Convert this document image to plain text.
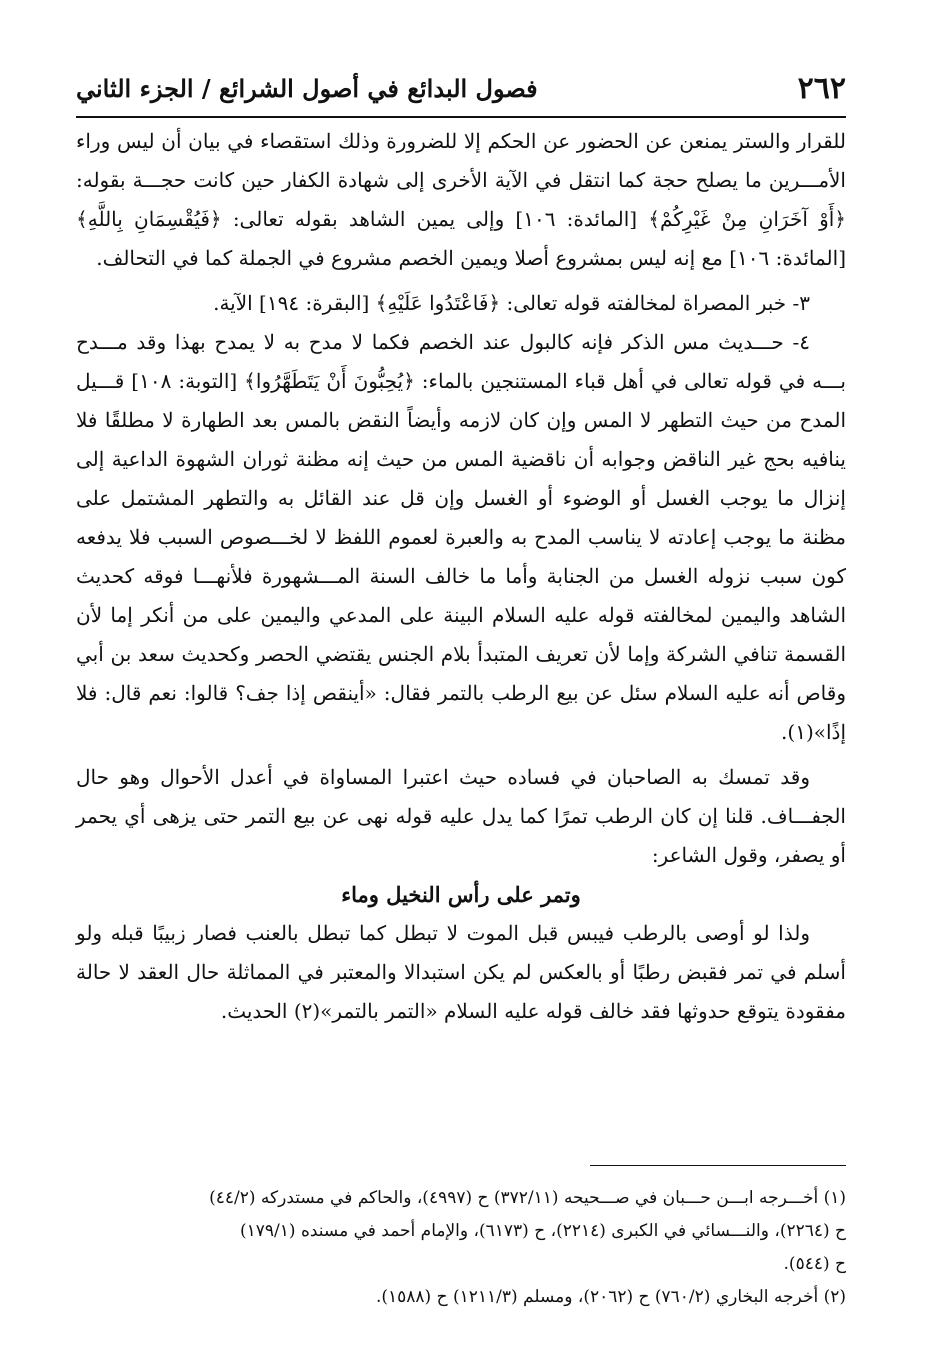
٢٦٢
فصول البدائع في أصول الشرائع / الجزء الثاني

للقرار والستر يمنعن عن الحضور عن الحكم إلا للضرورة وذلك استقصاء في بيان أن ليس وراء الأمـــرين ما يصلح حجة كما انتقل في الآية الأخرى إلى شهادة الكفار حين كانت حجـــة بقوله: ﴿أَوْ آخَرَانِ مِنْ غَيْرِكُمْ﴾ [المائدة: ١٠٦] وإلى يمين الشاهد بقوله تعالى: ﴿فَيُقْسِمَانِ بِاللَّهِ﴾ [المائدة: ١٠٦] مع إنه ليس بمشروع أصلا ويمين الخصم مشروع في الجملة كما في التحالف.

٣- خبر المصراة لمخالفته قوله تعالى: ﴿فَاعْتَدُوا عَلَيْهِ﴾ [البقرة: ١٩٤] الآية.

٤- حـــديث مس الذكر فإنه كالبول عند الخصم فكما لا مدح به لا يمدح بهذا وقد مـــدح بـــه في قوله تعالى في أهل قباء المستنجين بالماء: ﴿يُحِبُّونَ أَنْ يَتَطَهَّرُوا﴾ [التوبة: ١٠٨] قـــيل المدح من حيث التطهر لا المس وإن كان لازمه وأيضاً النقض بالمس بعد الطهارة لا مطلقًا فلا ينافيه بحج غير الناقض وجوابه أن ناقضية المس من حيث إنه مظنة ثوران الشهوة الداعية إلى إنزال ما يوجب الغسل أو الوضوء أو الغسل وإن قل عند القائل به والتطهر المشتمل على مظنة ما يوجب إعادته لا يناسب المدح به والعبرة لعموم اللفظ لا لخـــصوص السبب فلا يدفعه كون سبب نزوله الغسل من الجنابة وأما ما خالف السنة المـــشهورة فلأنهـــا فوقه كحديث الشاهد واليمين لمخالفته قوله عليه السلام البينة على المدعي واليمين على من أنكر إما لأن القسمة تنافي الشركة وإما لأن تعريف المتبدأ بلام الجنس يقتضي الحصر وكحديث سعد بن أبي وقاص أنه عليه السلام سئل عن بيع الرطب بالتمر فقال: «أينقص إذا جف؟ قالوا: نعم قال: فلا إذًا»(١).

وقد تمسك به الصاحبان في فساده حيث اعتبرا المساواة في أعدل الأحوال وهو حال الجفـــاف. قلنا إن كان الرطب تمرًا كما يدل عليه قوله نهى عن بيع التمر حتى يزهى أي يحمر أو يصفر، وقول الشاعر:

وتمر على رأس النخيل وماء

ولذا لو أوصى بالرطب فيبس قبل الموت لا تبطل كما تبطل بالعنب فصار زبيبًا قبله ولو أسلم في تمر فقبض رطبًا أو بالعكس لم يكن استبدالا والمعتبر في المماثلة حال العقد لا حالة مفقودة يتوقع حدوثها فقد خالف قوله عليه السلام «التمر بالتمر»(٢) الحديث.

(١) أخـــرجه ابـــن حـــبان في صـــحيحه (٣٧٢/١١) ح (٤٩٩٧)، والحاكم في مستدركه (٤٤/٢)

ح (٢٢٦٤)، والنـــسائي في الكبرى (٢٢١٤)، ح (٦١٧٣)، والإمام أحمد في مسنده (١٧٩/١)

ح (٥٤٤).

(٢) أخرجه البخاري (٧٦٠/٢) ح (٢٠٦٢)، ومسلم (١٢١١/٣) ح (١٥٨٨).
